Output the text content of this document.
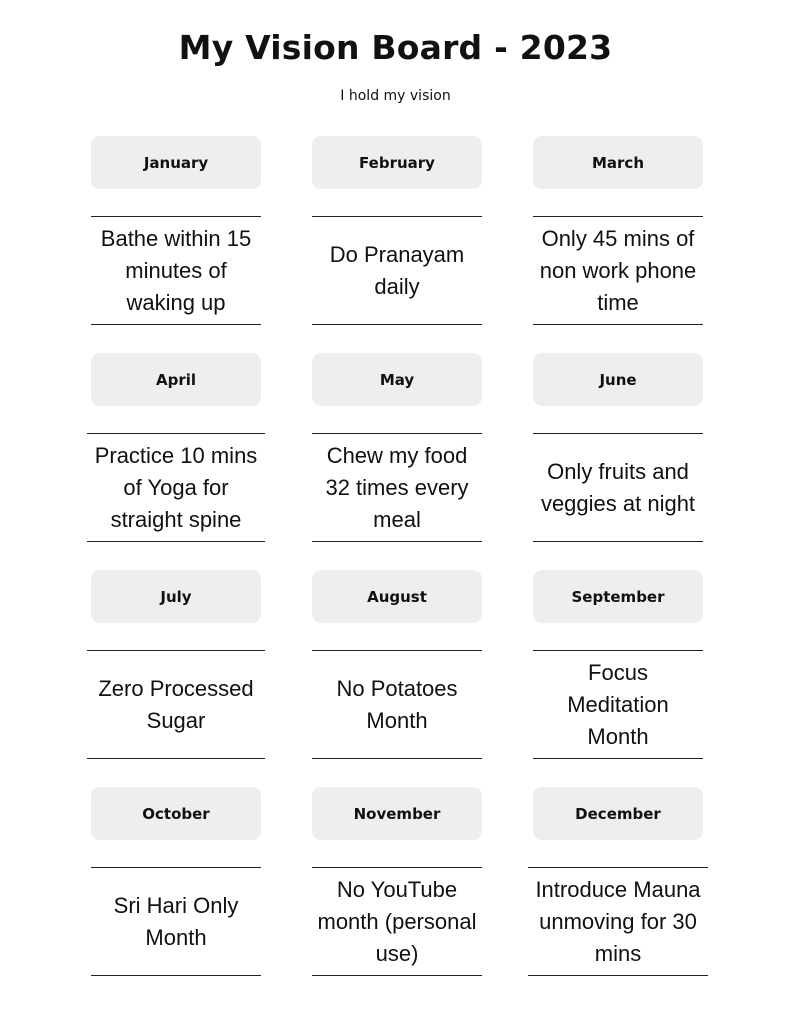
My Vision Board - 2023
I hold my vision
January
Bathe within 15 minutes of waking up
February
Do Pranayam daily
March
Only 45 mins of non work phone time
April
Practice 10 mins of Yoga for straight spine
May
Chew my food 32 times every meal
June
Only fruits and veggies at night
July
Zero Processed Sugar
August
No Potatoes Month
September
Focus Meditation Month
October
Sri Hari Only Month
November
No YouTube month (personal use)
December
Introduce Mauna unmoving for 30 mins
